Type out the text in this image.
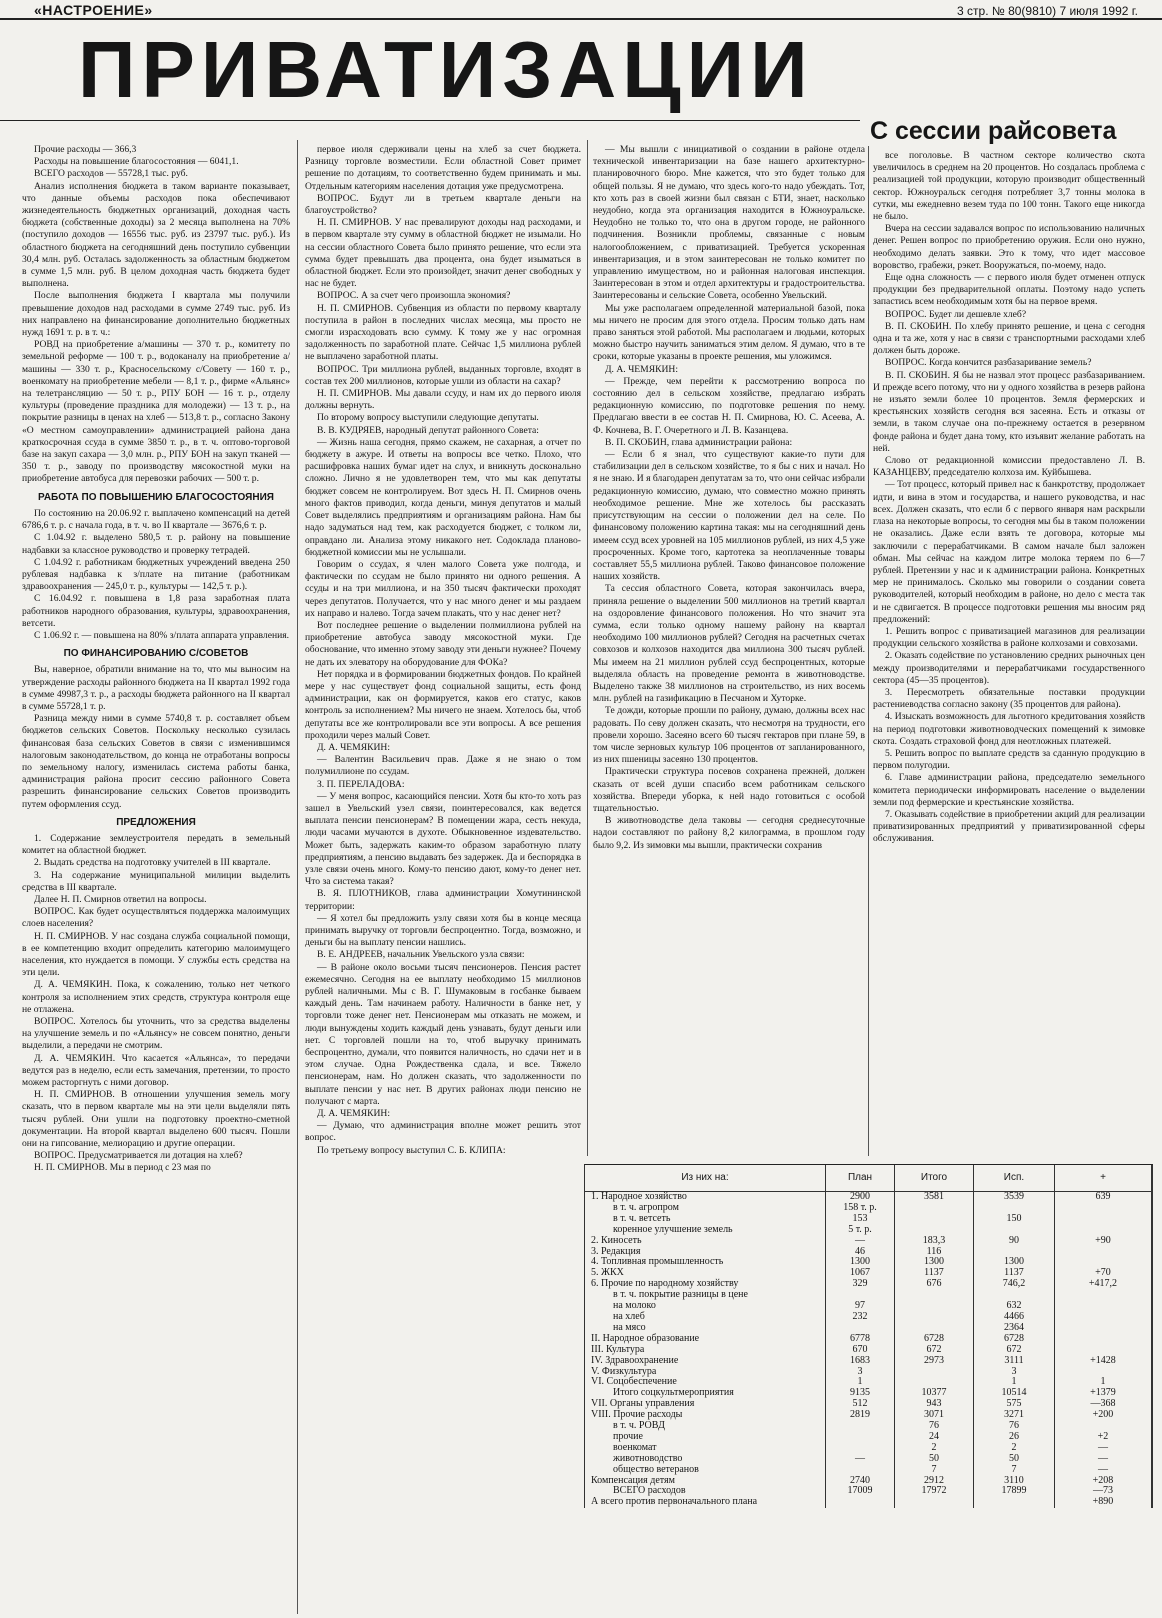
«НАСТРОЕНИЕ»	3 стр. № 80(9810) 7 июля 1992 г.
ПРИВАТИЗАЦИИ
С сессии райсовета

Прочие расходы — 366,3

Расходы на повышение благосостояния — 6041,1.

ВСЕГО расходов — 55728,1 тыс. руб.

Анализ исполнения бюджета в таком варианте показывает, что данные объемы расходов пока обеспечивают жизнедеятельность бюджетных организаций, доходная часть бюджета (собственные доходы) за 2 месяца выполнена на 70% (поступило доходов — 16556 тыс. руб. из 23797 тыс. руб.). Из областного бюджета на сегодняшний день поступило субвенции 30,4 млн. руб. Осталась задолженность за областным бюджетом в сумме 1,5 млн. руб. В целом доходная часть бюджета будет выполнена.

После выполнения бюджета I квартала мы получили превышение доходов над расходами в сумме 2749 тыс. руб. Из них направлено на финансирование дополнительно бюджетных нужд 1691 т. р. в т. ч.:

РОВД на приобретение а/машины — 370 т. р., комитету по земельной реформе — 100 т. р., водоканалу на приобретение а/машины — 330 т. р., Красносельскому с/Совету — 160 т. р., военкомату на приобретение мебели — 8,1 т. р., фирме «Альянс» на телетрансляцию — 50 т. р., РПУ БОН — 16 т. р., отделу культуры (проведение праздника для молодежи) — 13 т. р., на покрытие разницы в ценах на хлеб — 513,8 т. р., согласно Закону «О местном самоуправлении» администрацией района дана краткосрочная ссуда в сумме 3850 т. р., в т. ч. оптово-торговой базе на закуп сахара — 3,0 млн. р., РПУ БОН на закуп тканей — 350 т. р., заводу по производству мясокостной муки на приобретение автобуса для перевозки рабочих — 500 т. р.

РАБОТА ПО ПОВЫШЕНИЮ БЛАГОСОСТОЯНИЯ

По состоянию на 20.06.92 г. выплачено компенсаций на детей 6786,6 т. р. с начала года, в т. ч. во II квартале — 3676,6 т. р.

С 1.04.92 г. выделено 580,5 т. р. району на повышение надбавки за классное руководство и проверку тетрадей.

С 1.04.92 г. работникам бюджетных учреждений введена 250 рублевая надбавка к з/плате на питание (работникам здравоохранения — 245,0 т. р., культуры — 142,5 т. р.).

С 16.04.92 г. повышена в 1,8 раза заработная плата работников народного образования, культуры, здравоохранения, ветсети.

С 1.06.92 г. — повышена на 80% з/плата аппарата управления.

ПО ФИНАНСИРОВАНИЮ С/СОВЕТОВ

Вы, наверное, обратили внимание на то, что мы выносим на утверждение расходы районного бюджета на II квартал 1992 года в сумме 49987,3 т. р., а расходы бюджета районного на II квартал в сумме 55728,1 т. р.

Разница между ними в сумме 5740,8 т. р. составляет объем бюджетов сельских Советов. Поскольку несколько сузилась финансовая база сельских Советов в связи с изменившимся налоговым законодательством, до конца не отработаны вопросы по земельному налогу, изменилась система работы банка, администрация района просит сессию районного Совета разрешить финансирование сельских Советов производить путем оформления ссуд.

ПРЕДЛОЖЕНИЯ

1. Содержание землеустроителя передать в земельный комитет на областной бюджет.

2. Выдать средства на подготовку учителей в III квартале.

3. На содержание муниципальной милиции выделить средства в III квартале.

Далее Н. П. Смирнов ответил на вопросы.

ВОПРОС. Как будет осуществляться поддержка малоимущих слоев населения?

Н. П. СМИРНОВ. У нас создана служба социальной помощи, в ее компетенцию входит определить категорию малоимущего населения, кто нуждается в помощи. У службы есть средства на эти цели.

Д. А. ЧЕМЯКИН. Пока, к сожалению, только нет четкого контроля за исполнением этих средств, структура контроля еще не отлажена.

ВОПРОС. Хотелось бы уточнить, что за средства выделены на улучшение земель и по «Альянсу» не совсем понятно, деньги выделили, а передачи не смотрим.

Д. А. ЧЕМЯКИН. Что касается «Альянса», то передачи ведутся раз в неделю, если есть замечания, претензии, то просто можем расторгнуть с ними договор.

Н. П. СМИРНОВ. В отношении улучшения земель могу сказать, что в первом квартале мы на эти цели выделяли пять тысяч рублей. Они ушли на подготовку проектно-сметной документации. На второй квартал выделено 600 тысяч. Пошли они на гипсование, мелиорацию и другие операции.

ВОПРОС. Предусматривается ли дотация на хлеб?

Н. П. СМИРНОВ. Мы в период с 23 мая по

первое июля сдерживали цены на хлеб за счет бюджета. Разницу торговле возместили. Если областной Совет примет решение по дотациям, то соответственно будем принимать и мы. Отдельным категориям населения дотация уже предусмотрена.

ВОПРОС. Будут ли в третьем квартале деньги на благоустройство?

Н. П. СМИРНОВ. У нас превалируют доходы над расходами, и в первом квартале эту сумму в областной бюджет не изымали. Но на сессии областного Совета было принято решение, что если эта сумма будет превышать два процента, она будет изыматься в областной бюджет. Если это произойдет, значит денег свободных у нас не будет.

ВОПРОС. А за счет чего произошла экономия?

Н. П. СМИРНОВ. Субвенция из области по первому кварталу поступила в район в последних числах месяца, мы просто не смогли израсходовать всю сумму. К тому же у нас огромная задолженность по заработной плате. Сейчас 1,5 миллиона рублей не выплачено заработной платы.

ВОПРОС. Три миллиона рублей, выданных торговле, входят в состав тех 200 миллионов, которые ушли из области на сахар?

Н. П. СМИРНОВ. Мы давали ссуду, и нам их до первого июля должны вернуть.

По второму вопросу выступили следующие депутаты.

В. В. КУДРЯЕВ, народный депутат районного Совета:

— Жизнь наша сегодня, прямо скажем, не сахарная, а отчет по бюджету в ажуре. И ответы на вопросы все четко. Плохо, что расшифровка наших бумаг идет на слух, и вникнуть досконально сложно. Лично я не удовлетворен тем, что мы как депутаты бюджет совсем не контролируем. Вот здесь Н. П. Смирнов очень много фактов приводил, когда деньги, минуя депутатов и малый Совет выделялись предприятиям и организациям района. Нам бы надо задуматься над тем, как расходуется бюджет, с толком ли, оправдано ли. Анализа этому никакого нет. Содоклада планово-бюджетной комиссии мы не услышали.

Говорим о ссудах, я член малого Совета уже полгода, и фактически по ссудам не было принято ни одного решения. А ссуды и на три миллиона, и на 350 тысяч фактически проходят через депутатов. Получается, что у нас много денег и мы раздаем их направо и налево. Тогда зачем плакать, что у нас денег нет?

Вот последнее решение о выделении полмиллиона рублей на приобретение автобуса заводу мясокостной муки. Где обоснование, что именно этому заводу эти деньги нужнее? Почему не дать их элеватору на оборудование для ФОКа?

Нет порядка и в формировании бюджетных фондов. По крайней мере у нас существует фонд социальной защиты, есть фонд администрации, как он формируется, каков его статус, каков контроль за исполнением? Мы ничего не знаем. Хотелось бы, чтоб депутаты все же контролировали все эти вопросы. А все решения проходили через малый Совет.

Д. А. ЧЕМЯКИН:

— Валентин Васильевич прав. Даже я не знаю о том полумиллионе по ссудам.

З. П. ПЕРЕЛАДОВА:

— У меня вопрос, касающийся пенсии. Хотя бы кто-то хоть раз зашел в Увельский узел связи, поинтересовался, как ведется выплата пенсии пенсионерам? В помещении жара, сесть некуда, люди часами мучаются в духоте. Обыкновенное издевательство. Может быть, задержать каким-то образом заработную плату предприятиям, а пенсию выдавать без задержек. Да и беспорядка в узле связи очень много. Кому-то пенсию дают, кому-то денег нет. Что за система такая?

В. Я. ПЛОТНИКОВ, глава администрации Хомутининской территории:

— Я хотел бы предложить узлу связи хотя бы в конце месяца принимать выручку от торговли беспроцентно. Тогда, возможно, и деньги бы на выплату пенсии нашлись.

В. Е. АНДРЕЕВ, начальник Увельского узла связи:

— В районе около восьми тысяч пенсионеров. Пенсия растет ежемесячно. Сегодня на ее выплату необходимо 15 миллионов рублей наличными. Мы с В. Г. Шумаковым в госбанке бываем каждый день. Там начинаем работу. Наличности в банке нет, у торговли тоже денег нет. Пенсионерам мы отказать не можем, и люди вынуждены ходить каждый день узнавать, будут деньги или нет. С торговлей пошли на то, чтоб выручку принимать беспроцентно, думали, что появится наличность, но сдачи нет и в этом случае. Одна Рождественка сдала, и все. Тяжело пенсионерам, нам. Но должен сказать, что задолженности по выплате пенсии у нас нет. В других районах люди пенсию не получают с марта.

Д. А. ЧЕМЯКИН:

— Думаю, что администрация вполне может решить этот вопрос.

По третьему вопросу выступил С. Б. КЛИПА:

— Мы вышли с инициативой о создании в районе отдела технической инвентаризации на базе нашего архитектурно-планировочного бюро. Мне кажется, что это будет только для общей пользы. Я не думаю, что здесь кого-то надо убеждать. Тот, кто хоть раз в своей жизни был связан с БТИ, знает, насколько неудобно, когда эта организация находится в Южноуральске. Неудобно не только то, что она в другом городе, не районного подчинения. Возникли проблемы, связанные с новым налогообложением, с приватизацией. Требуется ускоренная инвентаризация, и в этом заинтересован не только комитет по управлению имуществом, но и районная налоговая инспекция. Заинтересован в этом и отдел архитектуры и градостроительства. Заинтересованы и сельские Совета, особенно Увельский.

Мы уже располагаем определенной материальной базой, пока мы ничего не просим для этого отдела. Просим только дать нам право заняться этой работой. Мы располагаем и людьми, которых можно быстро научить заниматься этим делом. Я думаю, что в те сроки, которые указаны в проекте решения, мы уложимся.

Д. А. ЧЕМЯКИН:

— Прежде, чем перейти к рассмотрению вопроса по состоянию дел в сельском хозяйстве, предлагаю избрать редакционную комиссию, по подготовке решения по нему. Предлагаю ввести в ее состав Н. П. Смирнова, Ю. С. Асеева, А. Ф. Кочнева, В. Г. Очеретного и Л. В. Казанцева.

В. П. СКОБИН, глава администрации района:

— Если б я знал, что существуют какие-то пути для стабилизации дел в сельском хозяйстве, то я бы с них и начал. Но я не знаю. И я благодарен депутатам за то, что они сейчас избрали редакционную комиссию, думаю, что совместно можно принять необходимое решение. Мне же хотелось бы рассказать присутствующим на сессии о положении дел на селе. По финансовому положению картина такая: мы на сегодняшний день имеем ссуд всех уровней на 105 миллионов рублей, из них 4,5 уже просроченных. Кроме того, картотека за неоплаченные товары составляет 55,5 миллиона рублей. Таково финансовое положение наших хозяйств.

Та сессия областного Совета, которая закончилась вчера, приняла решение о выделении 500 миллионов на третий квартал на оздоровление финансового положения. Но что значит эта сумма, если только одному нашему району на квартал необходимо 100 миллионов рублей? Сегодня на расчетных счетах совхозов и колхозов находится два миллиона 300 тысяч рублей. Мы имеем на 21 миллион рублей ссуд беспроцентных, которые выделяла область на проведение ремонта в животноводстве. Выделено также 38 миллионов на строительство, из них восемь млн. рублей на газификацию в Песчаном и Хуторке.

Те дожди, которые прошли по району, думаю, должны всех нас радовать. По севу должен сказать, что несмотря на трудности, его провели хорошо. Засеяно всего 60 тысяч гектаров при плане 59, в том числе зерновых культур 106 процентов от запланированного, из них пшеницы засеяно 130 процентов.

Практически структура посевов сохранена прежней, должен сказать от всей души спасибо всем работникам сельского хозяйства. Впереди уборка, к ней надо готовиться с особой тщательностью.

В животноводстве дела таковы — сегодня среднесуточные надои составляют по району 8,2 килограмма, в прошлом году было 9,2. Из зимовки мы вышли, практически сохранив

все поголовье. В частном секторе количество скота увеличилось в среднем на 20 процентов. Но создалась проблема с реализацией той продукции, которую производит общественный сектор. Южноуральск сегодня потребляет 3,7 тонны молока в сутки, мы ежедневно везем туда по 100 тонн. Такого еще никогда не было.

Вчера на сессии задавался вопрос по использованию наличных денег. Решен вопрос по приобретению оружия. Если оно нужно, необходимо делать заявки. Это к тому, что идет массовое воровство, грабежи, рэкет. Вооружаться, по-моему, надо.

Еще одна сложность — с первого июля будет отменен отпуск продукции без предварительной оплаты. Поэтому надо успеть запастись всем необходимым хотя бы на первое время.

ВОПРОС. Будет ли дешевле хлеб?

В. П. СКОБИН. По хлебу принято решение, и цена с сегодня одна и та же, хотя у нас в связи с транспортными расходами хлеб должен быть дороже.

ВОПРОС. Когда кончится разбазаривание земель?

В. П. СКОБИН. Я бы не назвал этот процесс разбазариванием. И прежде всего потому, что ни у одного хозяйства в резерв района не изъято земли более 10 процентов. Земля фермерских и крестьянских хозяйств сегодня вся засеяна. Есть и отказы от земли, в таком случае она по-прежнему остается в резервном фонде района и будет дана тому, кто изъявит желание работать на ней.

Слово от редакционной комиссии предоставлено Л. В. КАЗАНЦЕВУ, председателю колхоза им. Куйбышева.

— Тот процесс, который привел нас к банкротству, продолжает идти, и вина в этом и государства, и нашего руководства, и нас всех. Должен сказать, что если б с первого января нам раскрыли глаза на некоторые вопросы, то сегодня мы бы в таком положении не оказались. Даже если взять те договора, которые мы заключили с перерабатчиками. В самом начале был заложен обман. Мы сейчас на каждом литре молока теряем по 6—7 рублей. Претензии у нас и к администрации района. Конкретных мер не принималось. Сколько мы говорили о создании совета руководителей, который необходим в районе, но дело с места так и не сдвигается. В процессе подготовки решения мы вносим ряд предложений:

1. Решить вопрос с приватизацией магазинов для реализации продукции сельского хозяйства в районе колхозами и совхозами.

2. Оказать содействие по установлению средних рыночных цен между производителями и перерабатчиками государственного сектора (45—35 процентов).

3. Пересмотреть обязательные поставки продукции растениеводства согласно закону (35 процентов для района).

4. Изыскать возможность для льготного кредитования хозяйств на период подготовки животноводческих помещений к зимовке скота. Создать страховой фонд для неотложных платежей.

5. Решить вопрос по выплате средств за сданную продукцию в первом полугодии.

6. Главе администрации района, председателю земельного комитета периодически информировать население о выделении земли под фермерские и крестьянские хозяйства.

7. Оказывать содействие в приобретении акций для реализации приватизированных предприятий у приватизированной сферы обслуживания.

Из них на:	План	Итого	Исп.	+
1. Народное хозяйство	2900	3581	3539	639
в т. ч. агропром	158 т. р.			

в т. ч. ветсеть	153		150	
коренное улучшение земель	5 т. р.			
2. Киносеть	—	183,3	90	+90
3. Редакция	46	116		
4. Топливная промышленность	1300	1300	1300	
5. ЖКХ	1067	1137	1137	+70
6. Прочие по народному хозяйству	329	676	746,2	+417,2
в т. ч. покрытие разницы в цене				
на молоко	97		632	
на хлеб	232		4466	
на мясо			2364	
II. Народное образование	6778	6728	6728	
III. Культура	670	672	672	
IV. Здравоохранение	1683	2973	3111	+1428
V. Физкультура	3		3	
VI. Соцобеспечение	1		1	1
Итого соцкультмероприятия	9135	10377	10514	+1379
VII. Органы управления	512	943	575	—368
VIII. Прочие расходы	2819	3071	3271	+200
в т. ч. РОВД		76	76	
прочие		24	26	+2
военкомат		2	2	—
животноводство	—	50	50	—
общество ветеранов		7	7	—
Компенсация детям	2740	2912	3110	+208
ВСЕГО расходов	17009	17972	17899	—73
А всего против первоначального плана				+890
